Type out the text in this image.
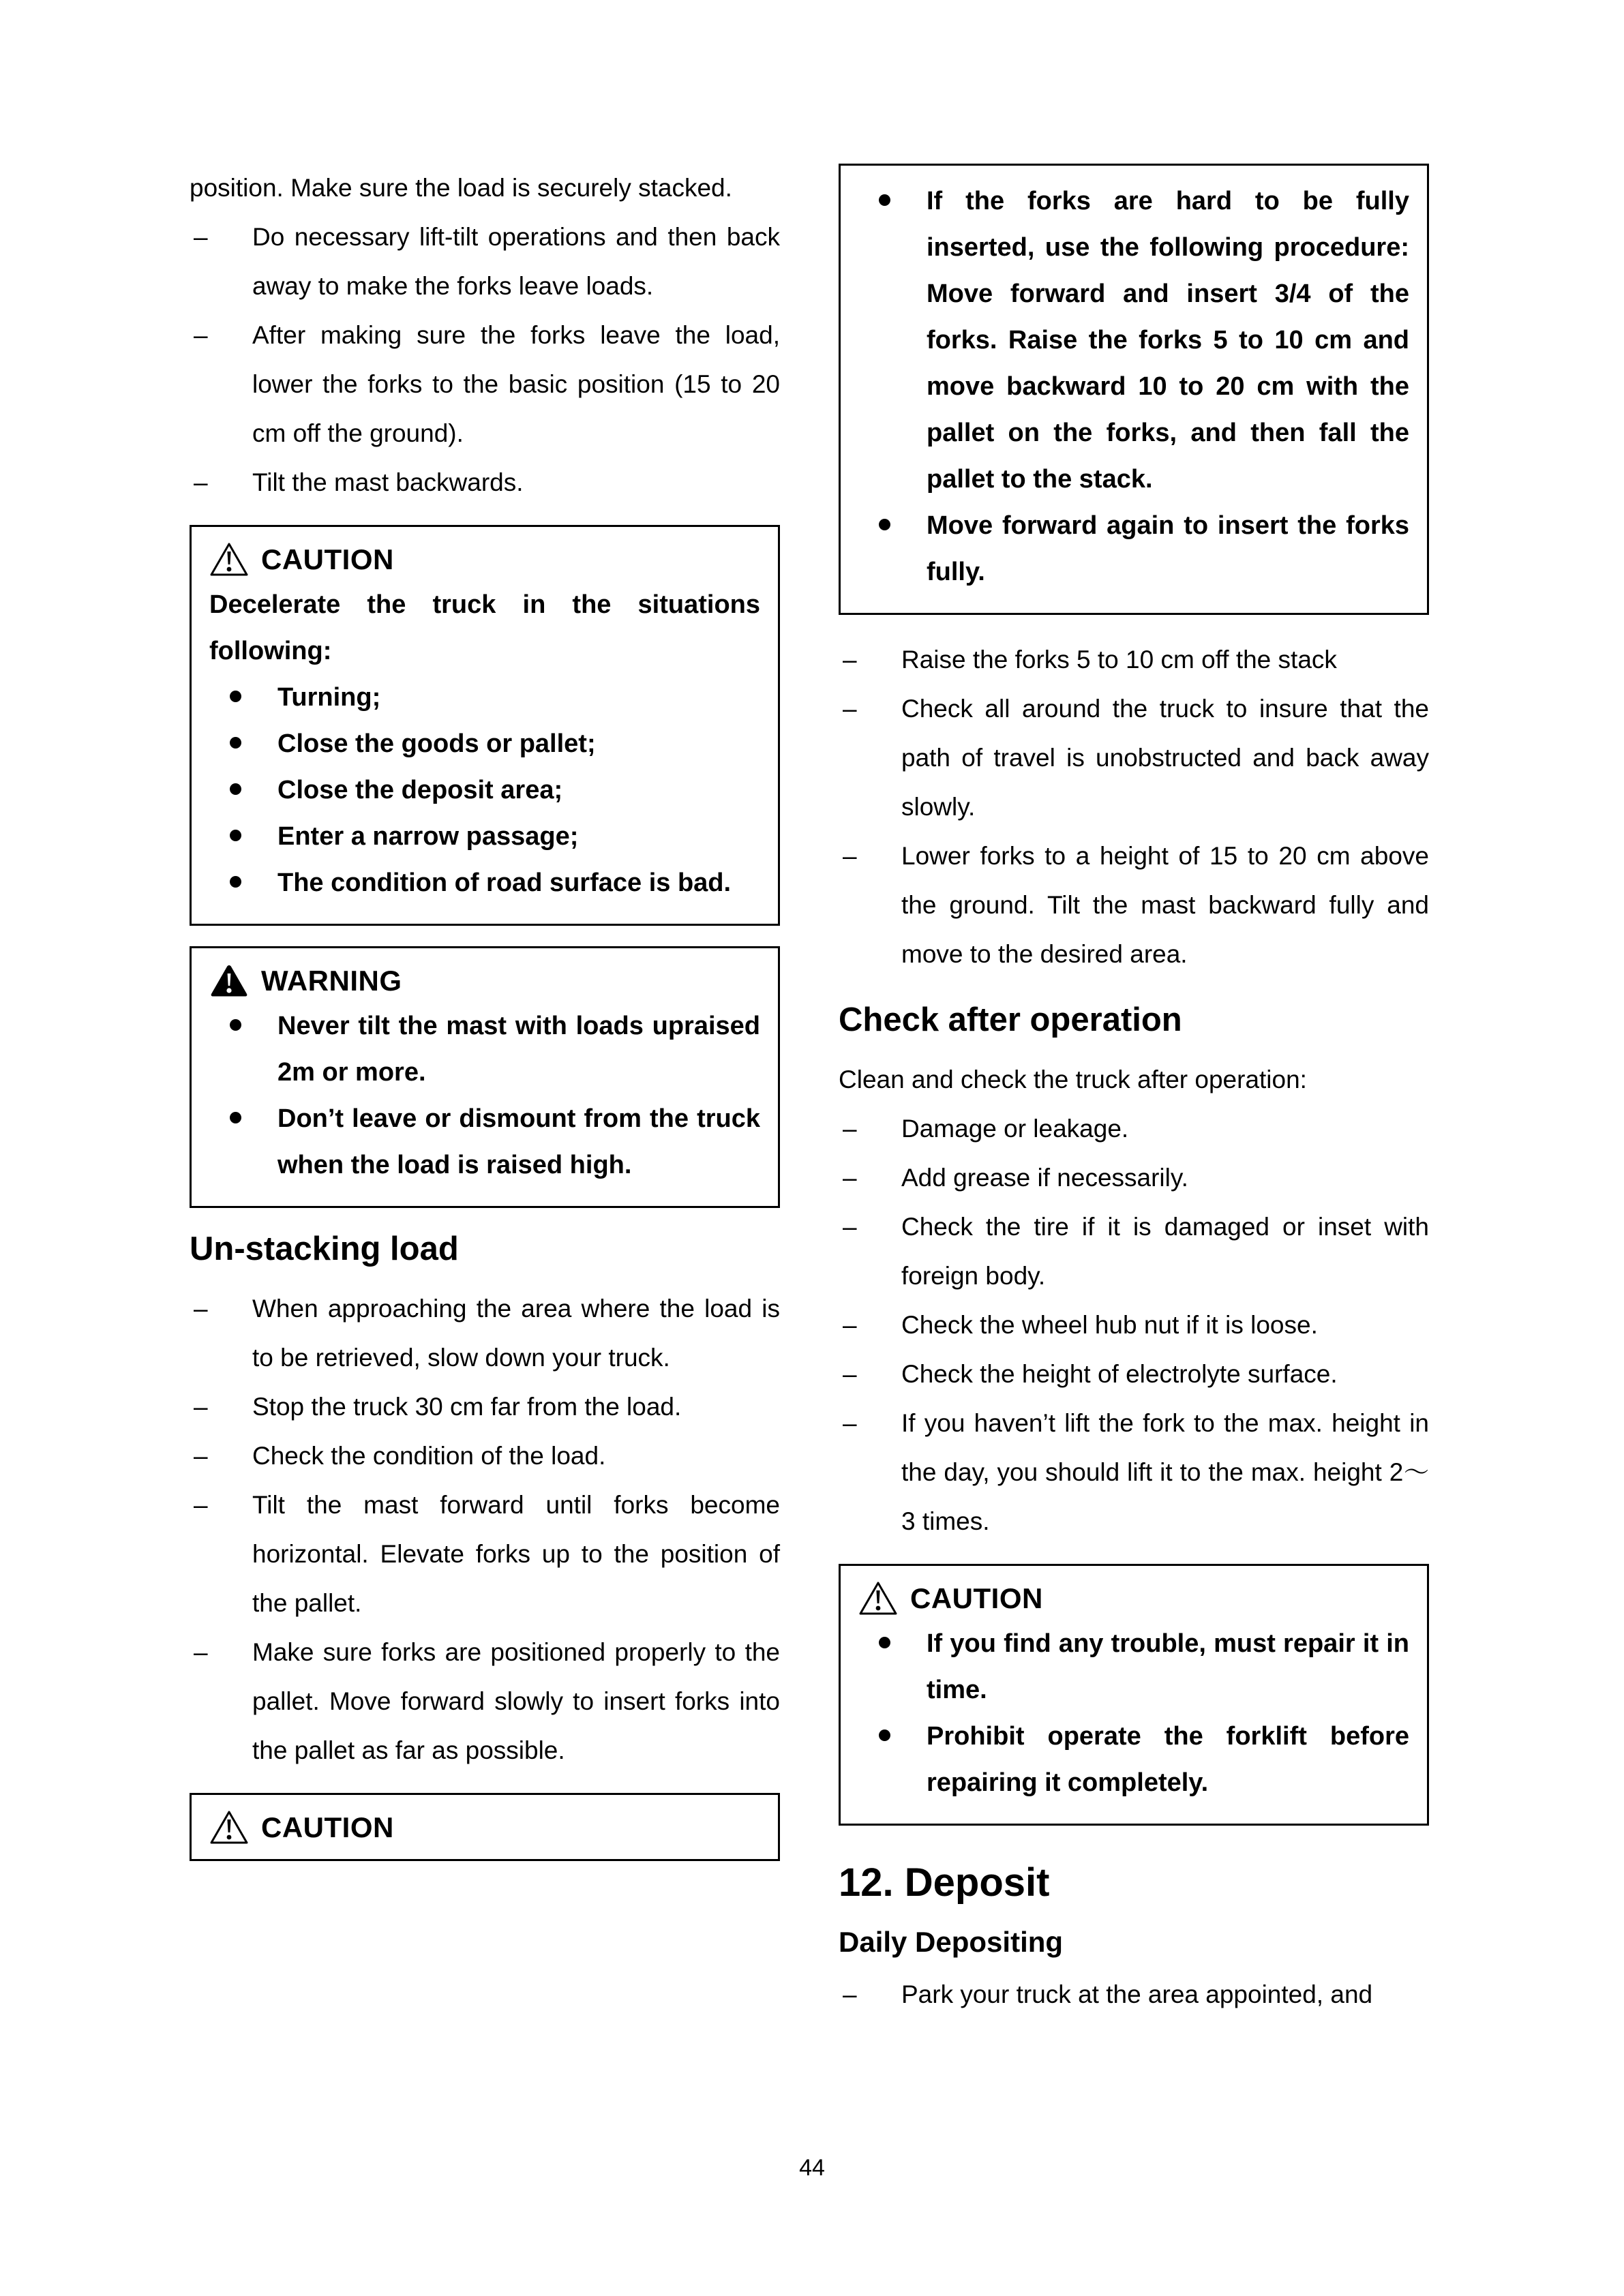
position. Make sure the load is securely stacked.
– Do necessary lift-tilt operations and then back away to make the forks leave loads.
– After making sure the forks leave the load, lower the forks to the basic position (15 to 20 cm off the ground).
– Tilt the mast backwards.
CAUTION
Decelerate the truck in the situations following:
Turning;
Close the goods or pallet;
Close the deposit area;
Enter a narrow passage;
The condition of road surface is bad.
WARNING
Never tilt the mast with loads upraised 2m or more.
Don’t leave or dismount from the truck when the load is raised high.
Un-stacking load
– When approaching the area where the load is to be retrieved, slow down your truck.
– Stop the truck 30 cm far from the load.
– Check the condition of the load.
– Tilt the mast forward until forks become horizontal. Elevate forks up to the position of the pallet.
– Make sure forks are positioned properly to the pallet. Move forward slowly to insert forks into the pallet as far as possible.
CAUTION
If the forks are hard to be fully inserted, use the following procedure: Move forward and insert 3/4 of the forks. Raise the forks 5 to 10 cm and move backward 10 to 20 cm with the pallet on the forks, and then fall the pallet to the stack.
Move forward again to insert the forks fully.
– Raise the forks 5 to 10 cm off the stack
– Check all around the truck to insure that the path of travel is unobstructed and back away slowly.
– Lower forks to a height of 15 to 20 cm above the ground. Tilt the mast backward fully and move to the desired area.
Check after operation
Clean and check the truck after operation:
– Damage or leakage.
– Add grease if necessarily.
– Check the tire if it is damaged or inset with foreign body.
– Check the wheel hub nut if it is loose.
– Check the height of electrolyte surface.
– If you haven’t lift the fork to the max. height in the day, you should lift it to the max. height 2～3 times.
CAUTION
If you find any trouble, must repair it in time.
Prohibit operate the forklift before repairing it completely.
12. Deposit
Daily Depositing
– Park your truck at the area appointed, and
44
